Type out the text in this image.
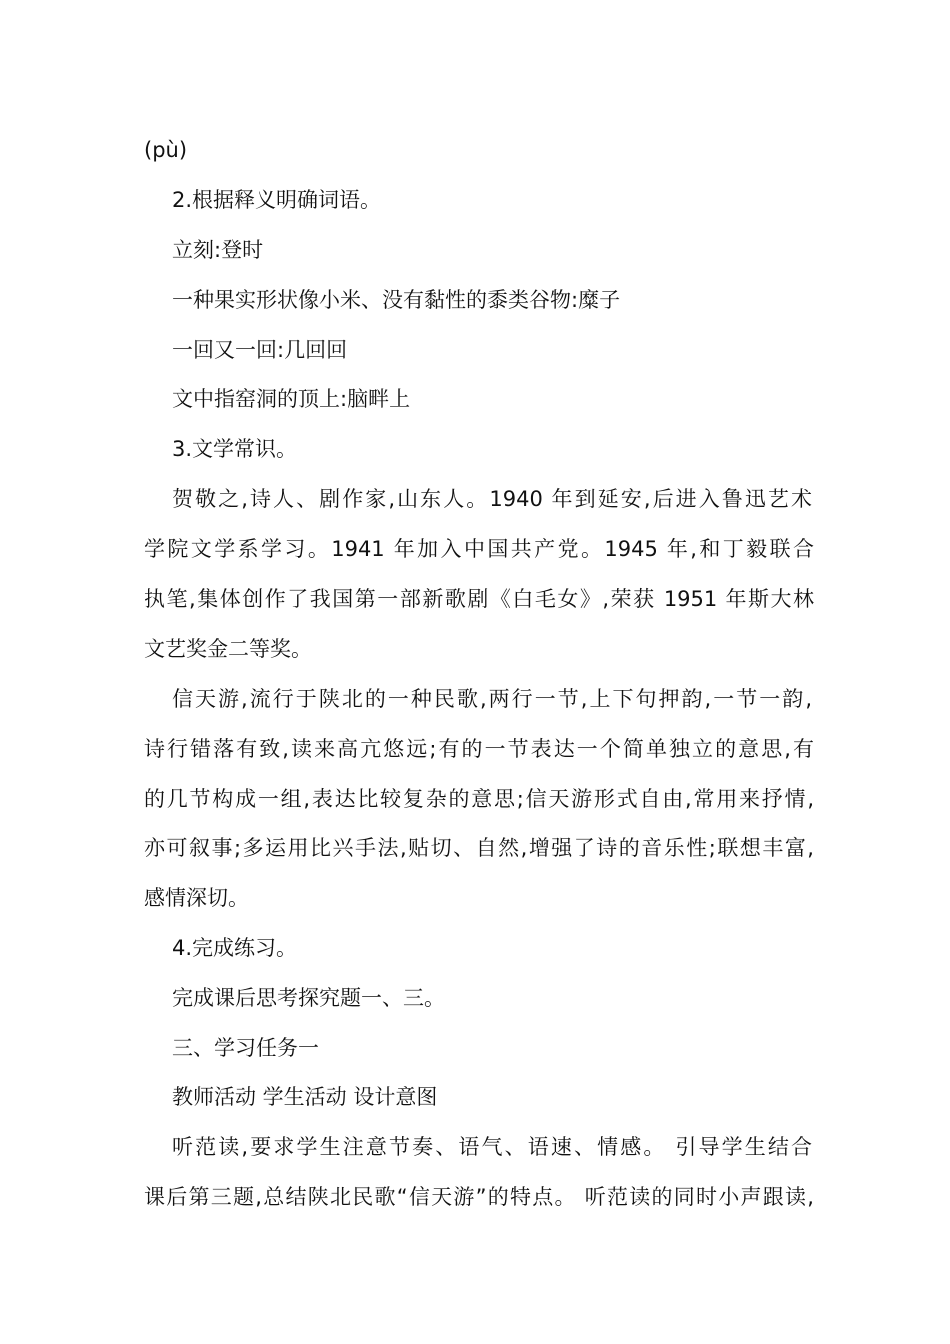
(pù)
2.根据释义明确词语。
立刻:登时
一种果实形状像小米、没有黏性的黍类谷物:糜子
一回又一回:几回回
文中指窑洞的顶上:脑畔上
3.文学常识。
贺敬之,诗人、剧作家,山东人。1940 年到延安,后进入鲁迅艺术
学院文学系学习。1941 年加入中国共产党。1945 年,和丁毅联合
执笔,集体创作了我国第一部新歌剧《白毛女》,荣获 1951 年斯大林
文艺奖金二等奖。
信天游,流行于陕北的一种民歌,两行一节,上下句押韵,一节一韵,
诗行错落有致,读来高亢悠远;有的一节表达一个简单独立的意思,有
的几节构成一组,表达比较复杂的意思;信天游形式自由,常用来抒情,
亦可叙事;多运用比兴手法,贴切、自然,增强了诗的音乐性;联想丰富,
感情深切。
4.完成练习。
完成课后思考探究题一、三。
三、学习任务一
教师活动 学生活动 设计意图
听范读,要求学生注意节奏、语气、语速、情感。 引导学生结合
课后第三题,总结陕北民歌“信天游”的特点。 听范读的同时小声跟读,
